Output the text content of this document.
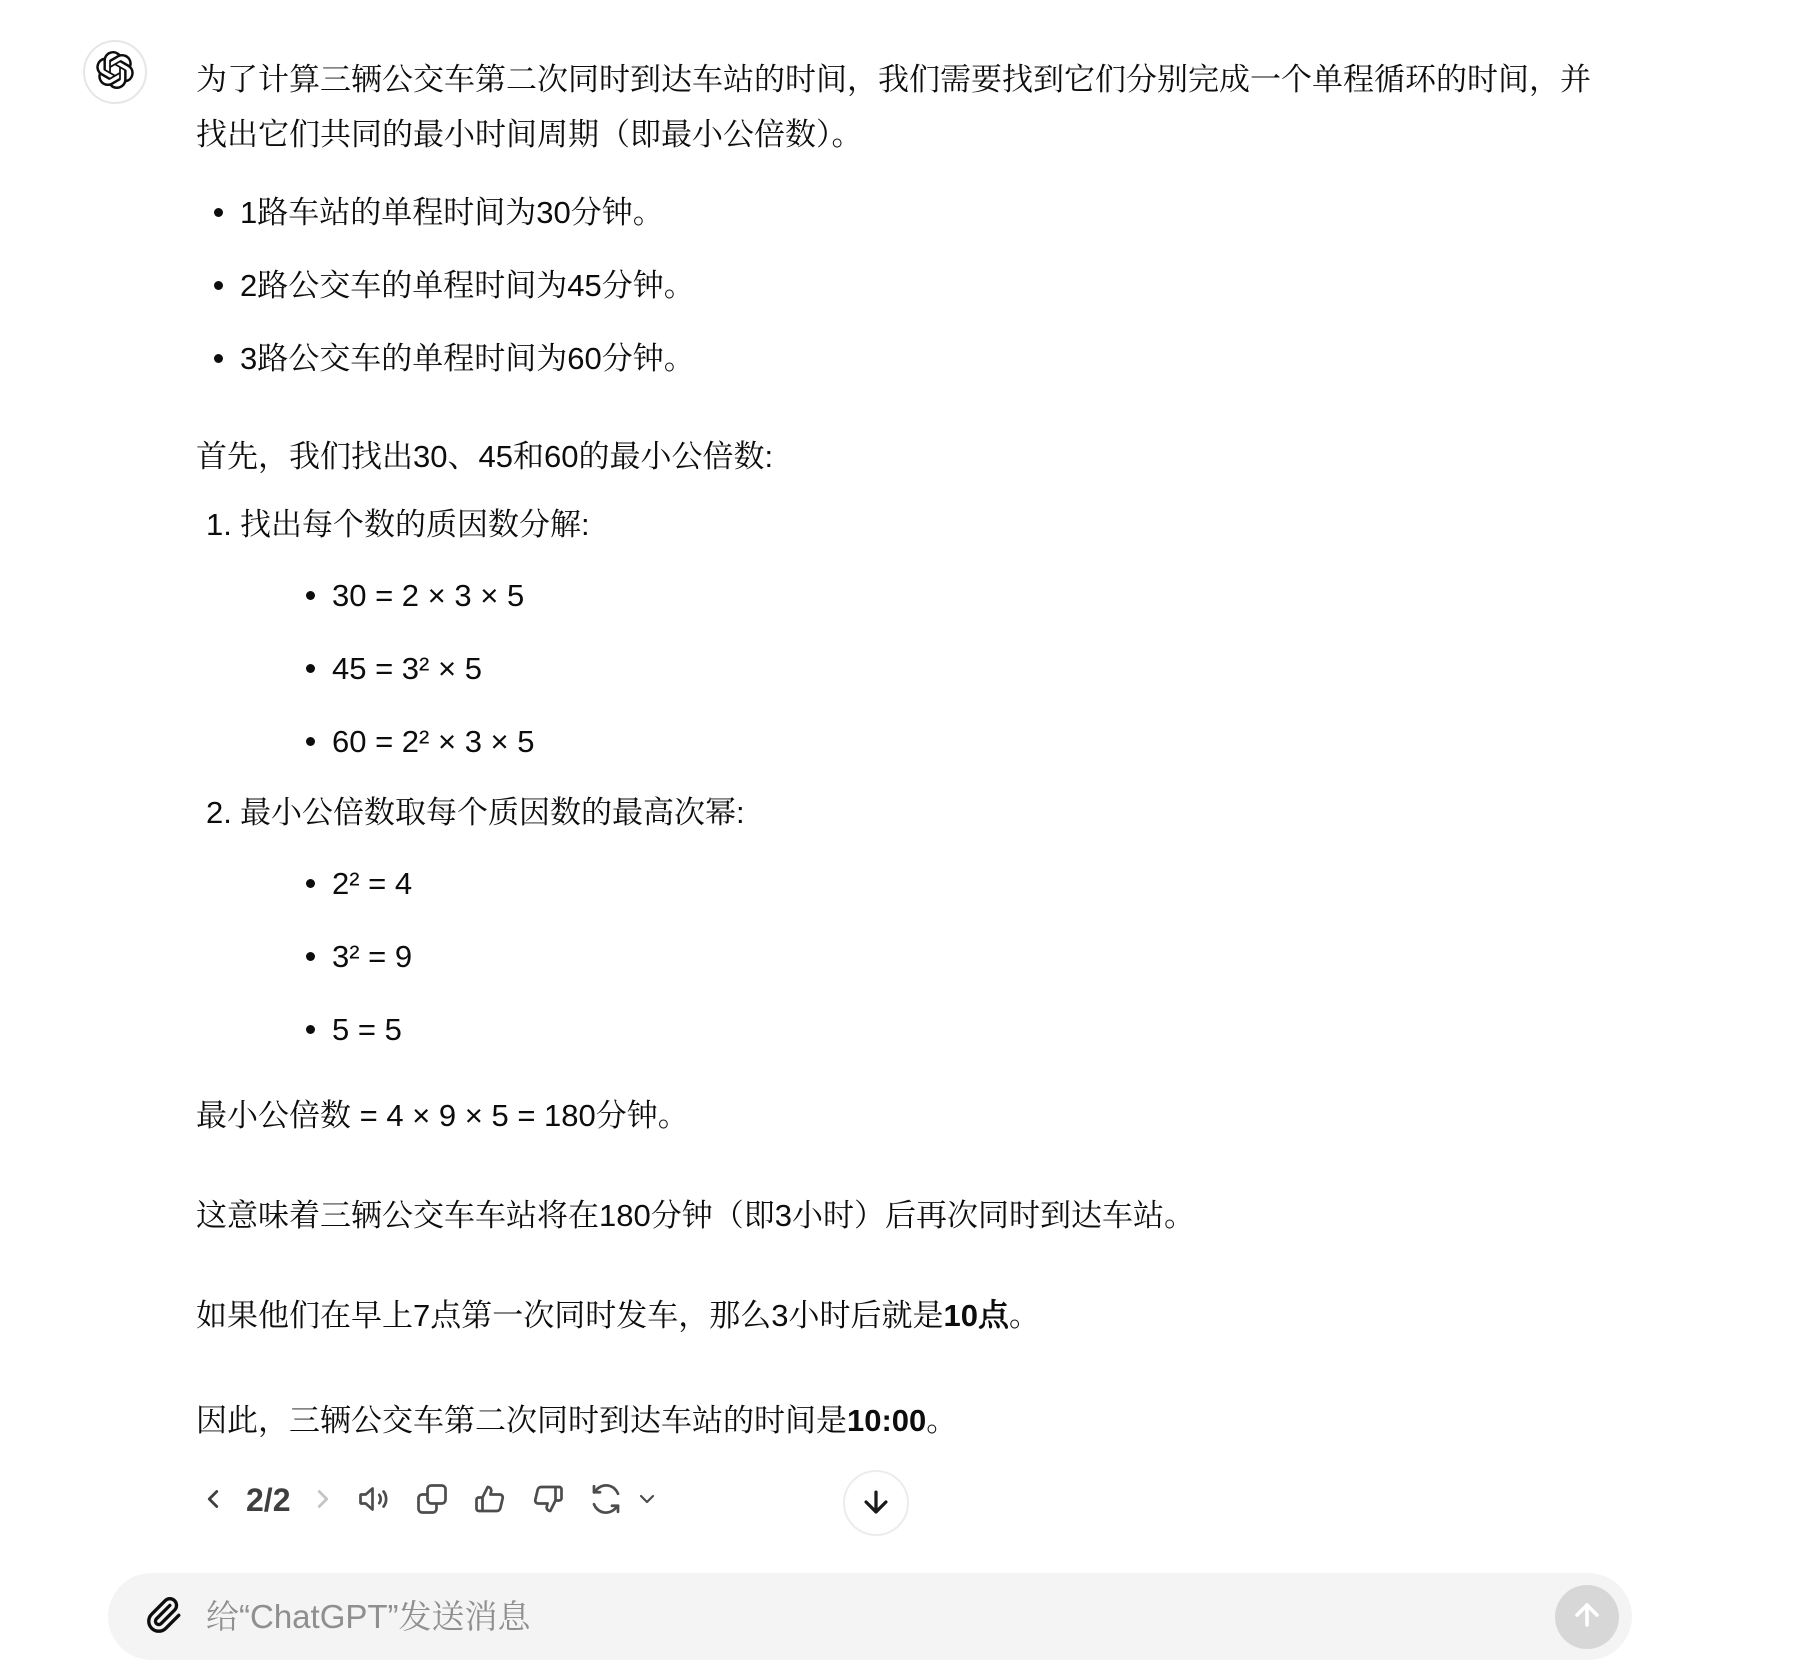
为了计算三辆公交车第二次同时到达车站的时间，我们需要找到它们分别完成一个单程循环的时间，并找出它们共同的最小时间周期（即最小公倍数）。

1路车站的单程时间为30分钟。
2路公交车的单程时间为45分钟。
3路公交车的单程时间为60分钟。

首先，我们找出30、45和60的最小公倍数:

1. 找出每个数的质因数分解:
30 = 2 × 3 × 5
45 = 3² × 5
60 = 2² × 3 × 5
2. 最小公倍数取每个质因数的最高次幂:
2² = 4
3² = 9
5 = 5

最小公倍数 = 4 × 9 × 5 = 180分钟。

这意味着三辆公交车车站将在180分钟（即3小时）后再次同时到达车站。

如果他们在早上7点第一次同时发车，那么3小时后就是10点。

因此，三辆公交车第二次同时到达车站的时间是10:00。

2/2
给“ChatGPT”发送消息
